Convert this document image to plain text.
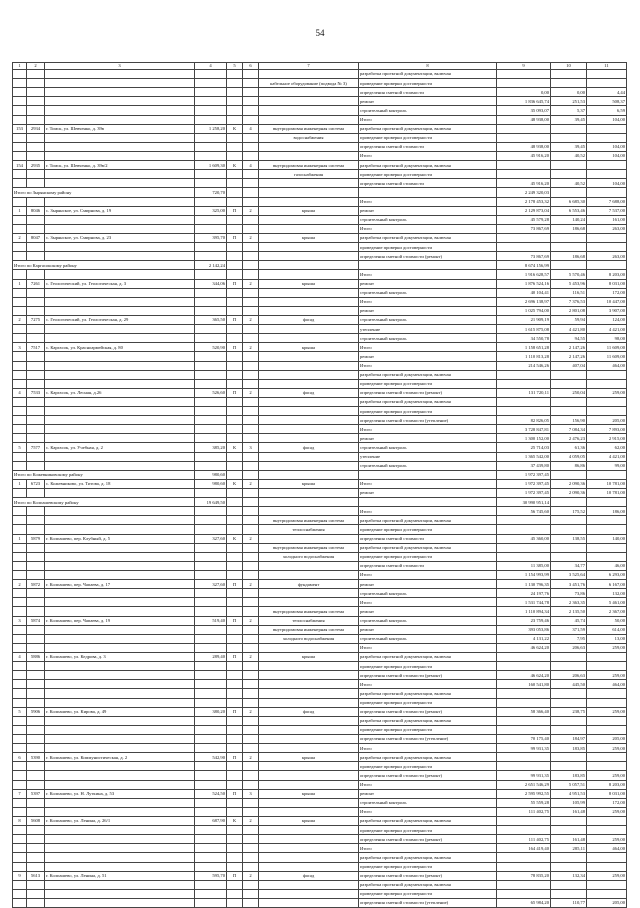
54
1	2	3	4	5	6	7	8	9	10	11
							разработка проектной документации, включая			
						кабельное оборудование (подвода № 3)	проведение проверки достоверности			
							определения сметной стоимости	0,00	0,00	4,44
							ремонт	1 836 645,74	251,53	508,37
							строительный контроль	35 093,07	5,37	6,59
							Итого	48 938,00	39,45	104,00
153	2934	г. Томск, ул. Шевченко, д. 39в	1 258,20	К	4	внутридомовая инженерная система	разработка проектной документации, включая			
						водоснабжения	проведение проверки достоверности			
							определения сметной стоимости	48 938,00	39,45	104,00
							Итого	45 916,20	40,52	104,00
154	2935	г. Томск, ул. Шевченко, д. 39в/2	1 609,30	К	4	внутридомовая инженерная система	разработка проектной документации, включая			
						газоснабжения	проведение проверки достоверности			
							определения сметной стоимости	45 916,20	40,52	104,00
Итого по Зырянскому району			720,70					2 249 320,03		
							Итого	2 178 453,32	6 685,30	7 688,00
1	8046	с. Зырянское, ул. Смирнова, д. 19	325,00	П	2	крыша	ремонт	2 129 873,04	6 553,46	7 537,00
							строительный контроль	45 579,28	140,24	161,00
							Итого	73 867,69	186,68	263,00
2	8047	с. Зырянское, ул. Смирнова, д. 23	395,70	П	2	крыша	разработка проектной документации, включая			
							проведение проверки достоверности			
							определения сметной стоимости (ремонт)	73 867,69	186,68	263,00
Итого по Каргасокскому району			2 142,24					8 674 156,99		
							Итого	1 916 628,57	5 570,46	8 203,00
1	7261	с. Геологический, ул. Геологическая, д. 3	344,06	П	2	крыша	ремонт	1 876 524,16	5 453,96	8 031,00
							строительный контроль	40 104,41	116,51	172,00
							Итого	2 696 138,97	7 376,53	10 447,00
							ремонт	1 025 794,00	2 801,08	3 907,00
2	7275	с. Геологический, ул. Геологическая, д. 29	365,50	П	2	фасад	строительный контроль	21 909,19	59,94	124,00
							утепление	1 615 875,08	4 421,80	4 421,00
							строительный контроль	34 550,78	94,55	98,00
3	7517	с. Каргасок, ул. Красноармейская, д. 80	520,90	П	2	крыша	Итого	1 158 651,28	2 147,26	11 609,00
							ремонт	1 110 813,28	2 147,26	11 609,00
							Итого	214 546,26	407,04	464,00
							разработка проектной документации, включая			
							проведение проверки достоверности			
4	7533	с. Каргасок, ул. Лесная, д.26	526,60	П	2	фасад	определения сметной стоимости (ремонт)	131 720,11	250,04	259,00
							разработка проектной документации, включая			
							проведение проверки достоверности			
							определения сметной стоимости (утепление)	82 826,05	156,90	205,00
							Итого	3 728 847,81	7 084,34	7 893,00
							ремонт	1 300 152,00	2 476,23	2 915,00
5	7577	с. Каргасок, ул. Учебная, д. 2	385,20	К	3	фасад	строительный контроль	25 714,03	61,36	62,00
							утепление	1 365 542,00	4 059,05	4 421,00
							строительный контроль	37 439,80	86,86	99,00
Итого по Кожевниковскому району			980,60					1 972 397,45		
1	6723	с. Кожевниково, ул. Титова, д. 18	980,60	К	2	крыша	Итого	1 972 397,45	2 090,36	10 781,00
							ремонт	1 972 397,45	2 090,36	10 781,00
Итого по Колпашевскому району			19 649,50					30 990 951,14		
							Итого	56 745,60	175,52	186,00
						внутридомовая инженерная система	разработка проектной документации, включая			
						теплоснабжения	проведение проверки достоверности			
1	5879	г. Колпашево, пер. Клубный, д. 5	327,60	К	2		определения сметной стоимости	45 360,00	138,55	140,00
						внутридомовая инженерная система	разработка проектной документации, включая			
						холодного водоснабжения	проведение проверки достоверности			
							определения сметной стоимости	11 385,00	34,77	46,00
							Итого	1 154 993,99	3 525,64	6 293,00
2	5872	г. Колпашево, пер. Чапаева, д. 17	327,60	П	2	фундамент	ремонт	1 130 796,35	3 451,76	6 167,00
							строительный контроль	24 197,76	73,86	132,00
							Итого	1 531 744,78	2 363,35	5 461,00
						внутридомовая инженерная система	ремонт	1 110 894,34	2 135,50	2 367,00
3	5874	г. Колпашево, пер. Чапаева, д. 19	519,40	П	2	теплоснабжения	строительный контроль	23 759,46	45,74	50,00
						внутридомовая инженерная система	ремонт	393 053,86	371,59	614,00
						холодного водоснабжения	строительный контроль	4 131,22	7,95	13,00
							Итого	46 624,20	206,63	259,00
4	5886	г. Колпашево, ул. Кедрова, д. 3	289,40	П	2	крыша	разработка проектной документации, включая			
							проведение проверки достоверности			
							определения сметной стоимости (ремонт)	46 624,20	206,63	259,00
							Итого	160 541,80	445,50	464,00
							разработка проектной документации, включая			
							проведение проверки достоверности			
5	5906	г. Колпашево, ул. Кирова, д. 49	380,20	П	2	фасад	определения сметной стоимости (ремонт)	58 366,40	238,75	259,00
							разработка проектной документации, включая			
							проведение проверки достоверности			
							определения сметной стоимости (утепление)	70 175,40	184,97	205,00
							Итого	99 931,35	183,85	259,00
6	5390	г. Колпашево, ул. Коммунистическая, д. 2	542,90	П	2	крыша	разработка проектной документации, включая			
							проведение проверки достоверности			
							определения сметной стоимости (ремонт)	99 931,35	183,85	259,00
							Итого	2 651 546,29	5 057,51	8 203,00
7	5397	г. Колпашево, ул. Н. Луткина, д. 53	524,50	П	3	крыша	ремонт	2 595 992,55	4 951,53	8 031,00
							строительный контроль	55 559,28	105,99	172,00
							Итого	111 402,75	161,48	259,00
8	5608	г. Колпашево, ул. Ленина, д. 26/1	687,90	К	2	крыша	разработка проектной документации, включая			
							проведение проверки достоверности			
							определения сметной стоимости (ремонт)	111 402,75	161,48	259,00
							Итого	164 419,40	285,11	464,00
							разработка проектной документации, включая			
							проведение проверки достоверности			
9	5613	г. Колпашево, ул. Ленина, д. 51	595,70	П	2	фасад	определения сметной стоимости (ремонт)	78 835,20	132,34	259,00
							разработка проектной документации, включая			
							проведение проверки достоверности			
							определения сметной стоимости (утепление)	65 984,20	110,77	205,00
